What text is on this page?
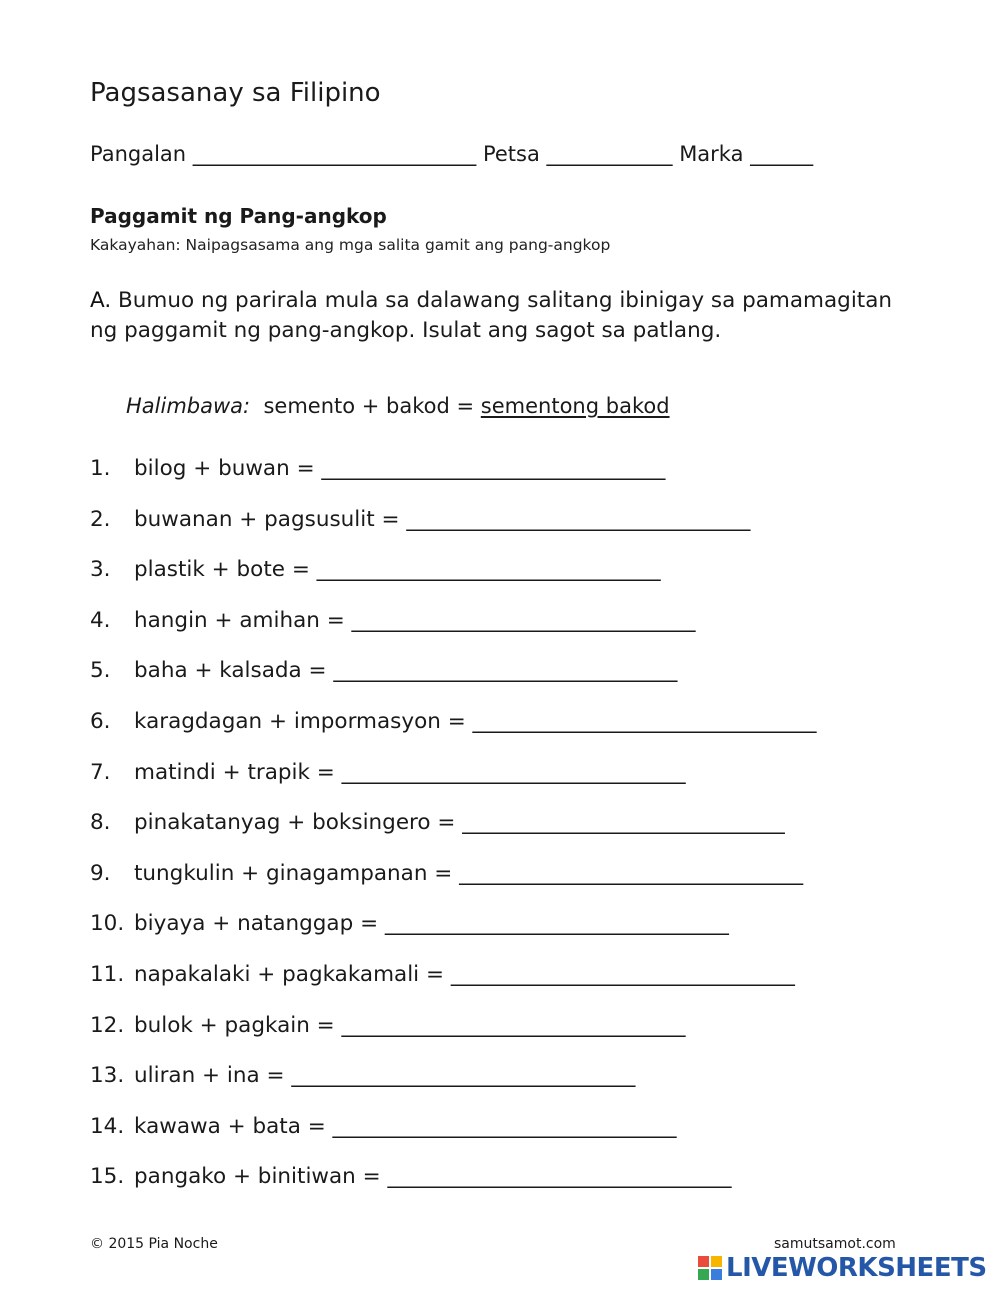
Pagsasanay sa Filipino
Pangalan ___________________________ Petsa ____________ Marka ______
Paggamit ng Pang-angkop
Kakayahan: Naipagsasama ang mga salita gamit ang pang-angkop
A. Bumuo ng parirala mula sa dalawang salitang ibinigay sa pamamagitan ng paggamit ng pang-angkop. Isulat ang sagot sa patlang.
Halimbawa: semento + bakod = sementong bakod
1. bilog + buwan = ________________________________
2. buwanan + pagsusulit = ________________________________
3. plastik + bote = ________________________________
4. hangin + amihan = ________________________________
5. baha + kalsada = ________________________________
6. karagdagan + impormasyon = ________________________________
7. matindi + trapik = ________________________________
8. pinakatanyag + boksingero = ______________________________
9. tungkulin + ginagampanan = ________________________________
10. biyaya + natanggap = ________________________________
11. napakalaki + pagkakamali = ________________________________
12. bulok + pagkain = ________________________________
13. uliran + ina = ________________________________
14. kawawa + bata = ________________________________
15. pangako + binitiwan = ________________________________
© 2015 Pia Noche	samutsamot.com
LIVEWORKSHEETS
